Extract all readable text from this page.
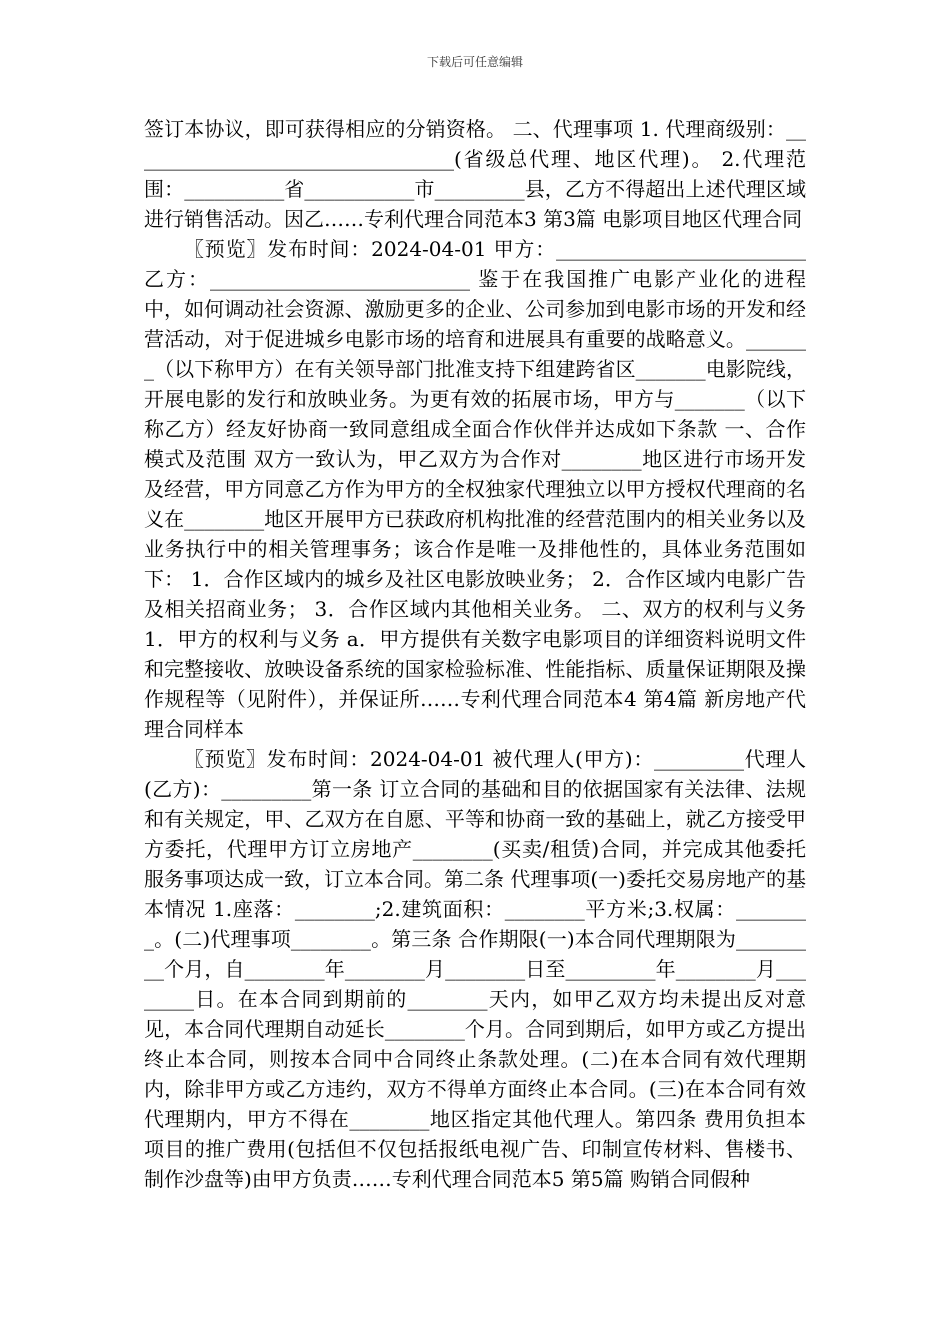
下载后可任意编辑

签订本协议，即可获得相应的分销资格。 二、代理事项 1. 代理商级别：_________________________________(省级总代理、地区代理)。 2.代理范围：__________省___________市_________县，乙方不得超出上述代理区域进行销售活动。因乙……专利代理合同范本3 第3篇 电影项目地区代理合同

〖预览〗发布时间：2024-04-01 甲方：_________________________ 乙方：__________________________ 鉴于在我国推广电影产业化的进程中，如何调动社会资源、激励更多的企业、公司参加到电影市场的开发和经营活动，对于促进城乡电影市场的培育和进展具有重要的战略意义。_______（以下称甲方）在有关领导部门批准支持下组建跨省区_______电影院线，开展电影的发行和放映业务。为更有效的拓展市场，甲方与_______（以下称乙方）经友好协商一致同意组成全面合作伙伴并达成如下条款 一、合作模式及范围 双方一致认为，甲乙双方为合作对________地区进行市场开发及经营，甲方同意乙方作为甲方的全权独家代理独立以甲方授权代理商的名义在________地区开展甲方已获政府机构批准的经营范围内的相关业务以及业务执行中的相关管理事务；该合作是唯一及排他性的，具体业务范围如下： 1．合作区域内的城乡及社区电影放映业务； 2．合作区域内电影广告及相关招商业务； 3．合作区域内其他相关业务。 二、双方的权利与义务 1．甲方的权利与义务 a．甲方提供有关数字电影项目的详细资料说明文件和完整接收、放映设备系统的国家检验标准、性能指标、质量保证期限及操作规程等（见附件），并保证所……专利代理合同范本4 第4篇 新房地产代理合同样本

〖预览〗发布时间：2024-04-01 被代理人(甲方)：_________代理人(乙方)：_________第一条 订立合同的基础和目的依据国家有关法律、法规和有关规定，甲、乙双方在自愿、平等和协商一致的基础上，就乙方接受甲方委托，代理甲方订立房地产________(买卖/租赁)合同，并完成其他委托服务事项达成一致，订立本合同。第二条 代理事项(一)委托交易房地产的基本情况 1.座落：________;2.建筑面积：________平方米;3.权属：________。(二)代理事项________。第三条 合作期限(一)本合同代理期限为_________个月，自________年________月________日至_________年________月________日。在本合同到期前的________天内，如甲乙双方均未提出反对意见，本合同代理期自动延长________个月。合同到期后，如甲方或乙方提出终止本合同，则按本合同中合同终止条款处理。(二)在本合同有效代理期内，除非甲方或乙方违约，双方不得单方面终止本合同。(三)在本合同有效代理期内，甲方不得在________地区指定其他代理人。第四条 费用负担本项目的推广费用(包括但不仅包括报纸电视广告、印制宣传材料、售楼书、制作沙盘等)由甲方负责……专利代理合同范本5 第5篇 购销合同假种
